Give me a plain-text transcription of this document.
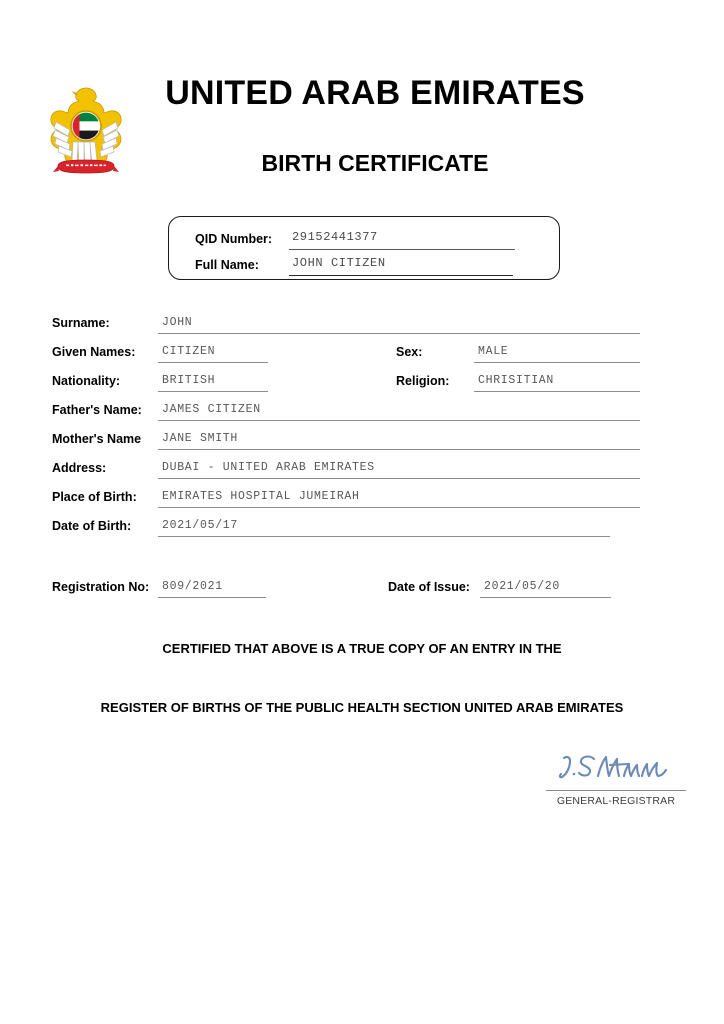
UNITED ARAB EMIRATES
BIRTH CERTIFICATE
QID Number: 29152441377
Full Name:	JOHN CITIZEN
Surname:	JOHN
Given Names: CITIZEN	Sex:	MALE
Nationality:	BRITISH	Religion: CHRISITIAN
Father's Name: JAMES CITIZEN
Mother's Name JANE SMITH
Address:	DUBAI - UNITED ARAB EMIRATES
Place of Birth: EMIRATES HOSPITAL JUMEIRAH
Date of Birth:	2021/05/17
Registration No: 809/2021	Date of Issue: 2021/05/20
CERTIFIED THAT ABOVE IS A TRUE COPY OF AN ENTRY IN THE
REGISTER OF BIRTHS OF THE PUBLIC HEALTH SECTION UNITED ARAB EMIRATES
GENERAL-REGISTRAR
